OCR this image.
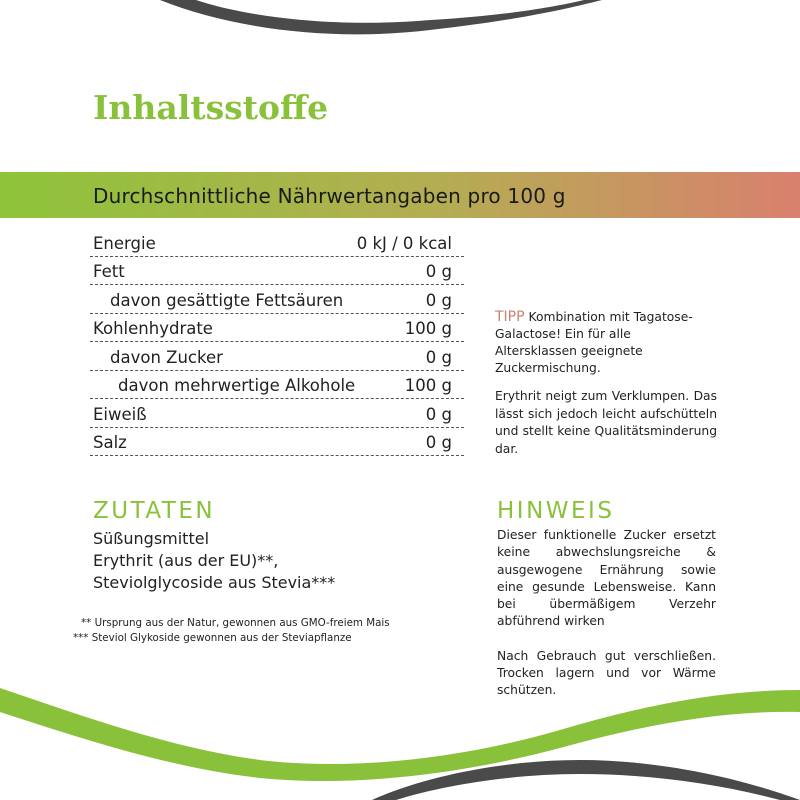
Inhaltsstoffe
Durchschnittliche Nährwertangaben pro 100 g
Energie	0 kJ / 0 kcal
Fett	0 g
davon gesättigte Fettsäuren	0 g
Kohlenhydrate	100 g
davon Zucker	0 g
davon mehrwertige Alkohole	100 g
Eiweiß	0 g
Salz	0 g
TIPP Kombination mit Tagatose-Galactose! Ein für alle Altersklassen geeignete Zuckermischung.
Erythrit neigt zum Verklumpen. Das lässt sich jedoch leicht aufschütteln und stellt keine Qualitätsminderung dar.
ZUTATEN
Süßungsmittel
Erythrit (aus der EU)**,
Steviolglycoside aus Stevia***
** Ursprung aus der Natur, gewonnen aus GMO-freiem Mais
*** Steviol Glykoside gewonnen aus der Steviapflanze
HINWEIS

Dieser funktionelle Zucker ersetzt keine abwechslungsreiche & ausgewogene Ernährung sowie eine gesunde Lebensweise. Kann bei übermäßigem Verzehr abführend wirken

Nach Gebrauch gut verschließen. Trocken lagern und vor Wärme schützen.
